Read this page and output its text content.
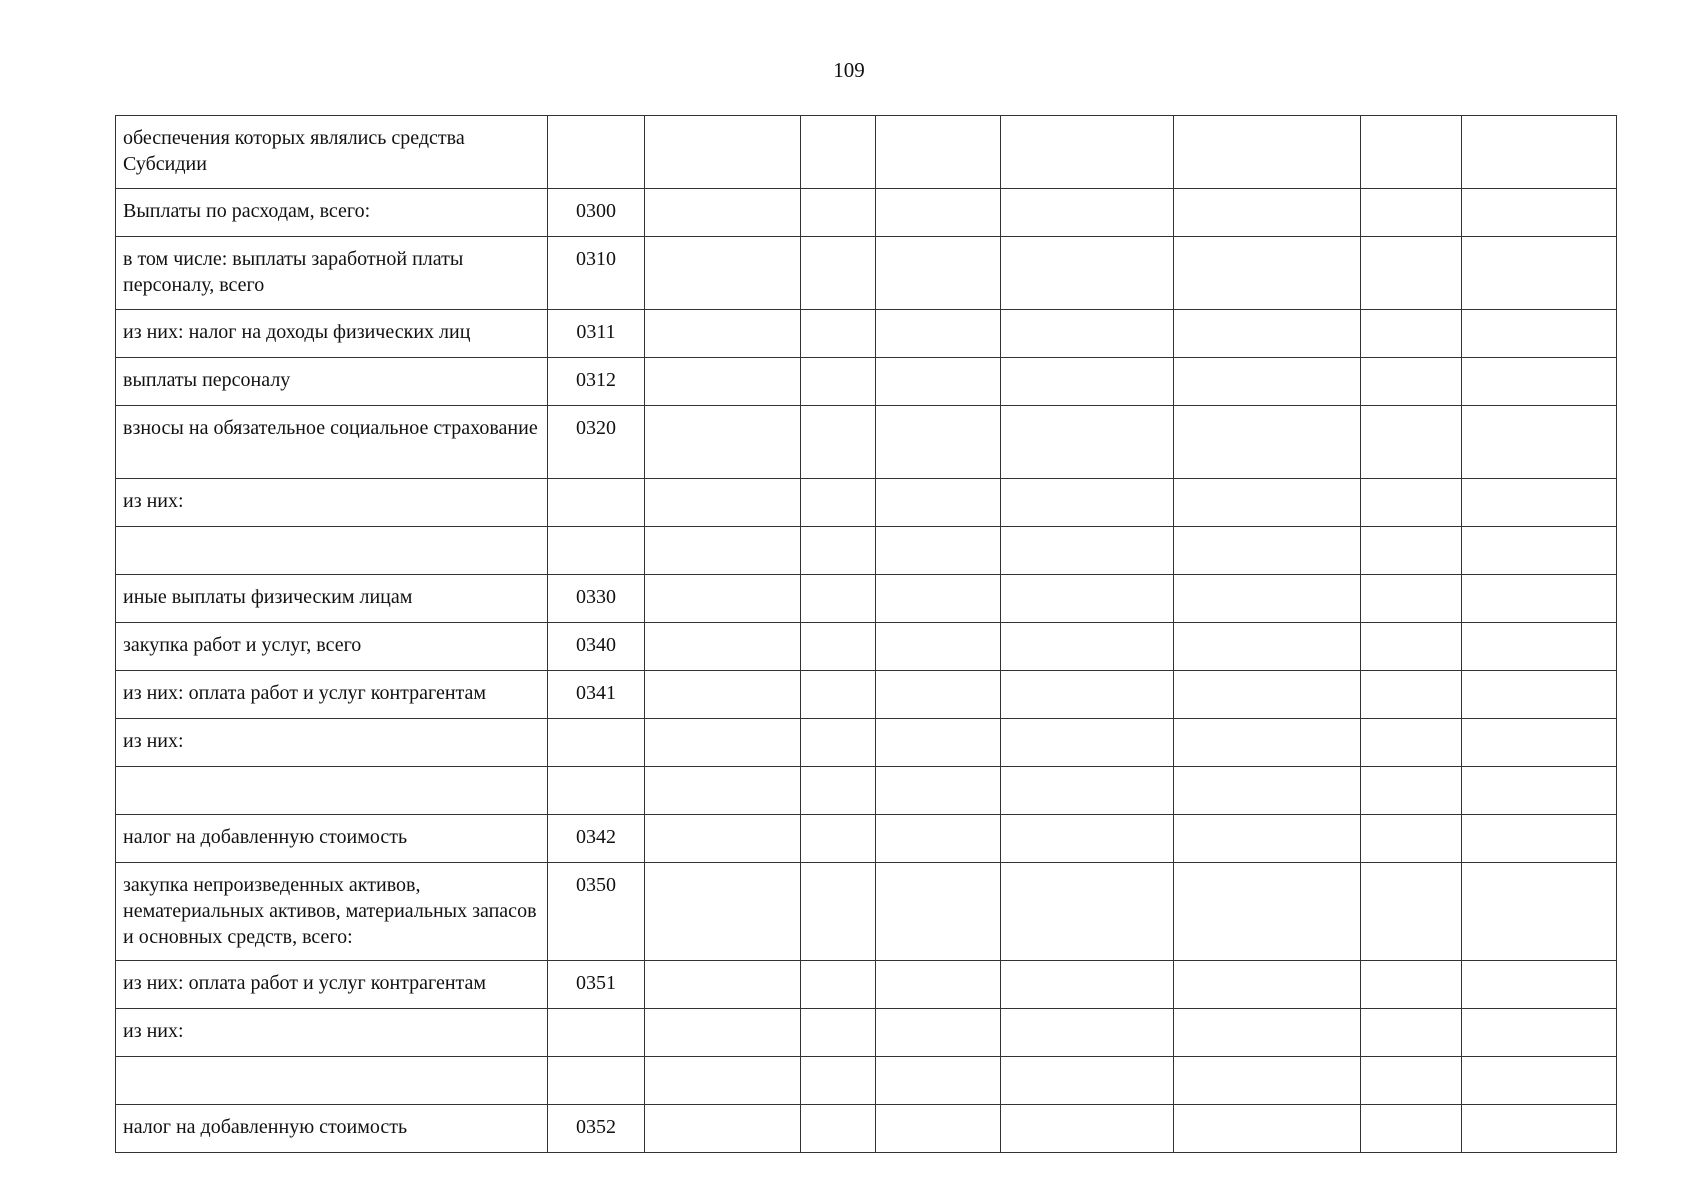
109
обеспечения которых являлись средства Субсидии									
Выплаты по расходам, всего:	0300								
в том числе: выплаты заработной платы персоналу, всего	0310								
из них: налог на доходы физических лиц	0311								
выплаты персоналу	0312								
взносы на обязательное социальное страхование	0320								
из них:									

иные выплаты физическим лицам	0330								
закупка работ и услуг, всего	0340								
из них: оплата работ и услуг контрагентам	0341								
из них:									

налог на добавленную стоимость	0342								
закупка непроизведенных активов, нематериальных активов, материальных запасов и основных средств, всего:	0350								
из них: оплата работ и услуг контрагентам	0351								
из них:									

налог на добавленную стоимость	0352								
